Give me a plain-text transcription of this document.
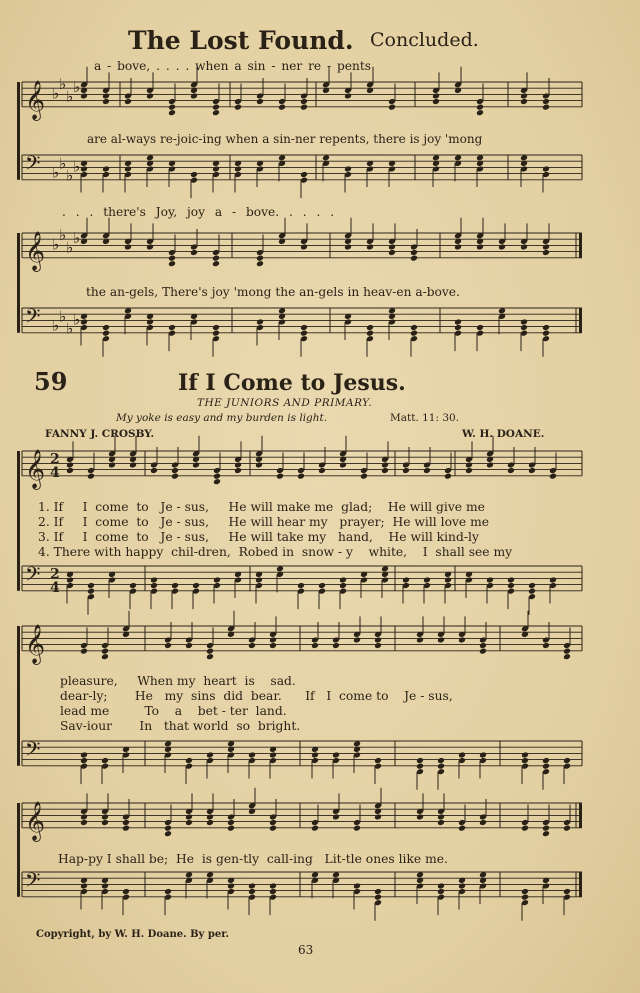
The Lost Found. Concluded.
a - bove, . . . . when a sin - ner re - pents
are al-ways re-joic-ing when a sin-ner repents, there is joy 'mong
. . . there's Joy, joy a - bove. . . . .
the an-gels, There's joy 'mong the an-gels in heav-en a-bove.
59	If I Come to Jesus.
THE JUNIORS AND PRIMARY.
My yoke is easy and my burden is light.	Matt. 11: 30.
FANNY J. CROSBY.	W. H. DOANE.
1. If     I  come  to   Je - sus,     He will make me  glad;    He will give me
2. If     I  come  to   Je - sus,     He will hear my   prayer;  He will love me
3. If     I  come  to   Je - sus,     He will take my   hand,    He will kind-ly
4. There with happy  chil-dren,  Robed in  snow - y    white,    I  shall see my
pleasure,     When my  heart  is    sad.
dear-ly;       He   my  sins  did  bear.      If   I  come to    Je - sus,
lead me         To    a    bet - ter  land.
Sav-iour       In   that world  so  bright.
Hap-py I shall be;  He  is gen-tly  call-ing   Lit-tle ones like me.
Copyright, by W. H. Doane. By per.
63
𝄞 ♭
♭
♭
♭
𝄢 ♭
♭
♭
♭
𝄞 ♭
♭
♭
♭
𝄢 ♭
♭
♭
♭
𝄞 2
4
𝄢 2
4
𝄞
𝄢
𝄞
𝄢
